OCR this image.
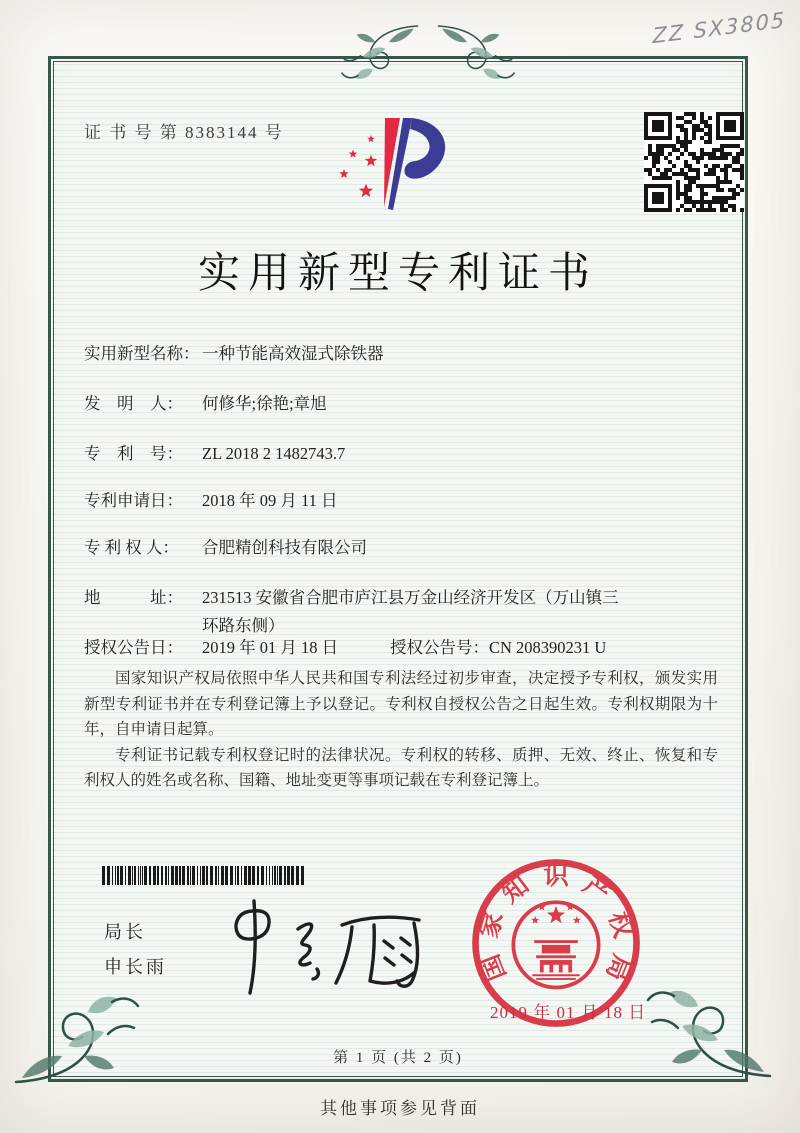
ZZ SX3805
证 书 号 第 8383144 号
实用新型专利证书
实用新型名称： 一种节能高效湿式除铁器
发　明　人： 何修华;徐艳;章旭
专　利　号： ZL 2018 2 1482743.7
专利申请日： 2018 年 09 月 11 日
专 利 权 人： 合肥精创科技有限公司
地　　　址： 231513 安徽省合肥市庐江县万金山经济开发区（万山镇三环路东侧）
授权公告日： 2019 年 01 月 18 日	授权公告号：CN 208390231 U

国家知识产权局依照中华人民共和国专利法经过初步审查，决定授予专利权，颁发实用新型专利证书并在专利登记簿上予以登记。专利权自授权公告之日起生效。专利权期限为十年，自申请日起算。

专利证书记载专利权登记时的法律状况。专利权的转移、质押、无效、终止、恢复和专利权人的姓名或名称、国籍、地址变更等事项记载在专利登记簿上。

局长
申长雨	国家知识产权局
2019 年 01 月 18 日
第 1 页 (共 2 页)
其他事项参见背面
